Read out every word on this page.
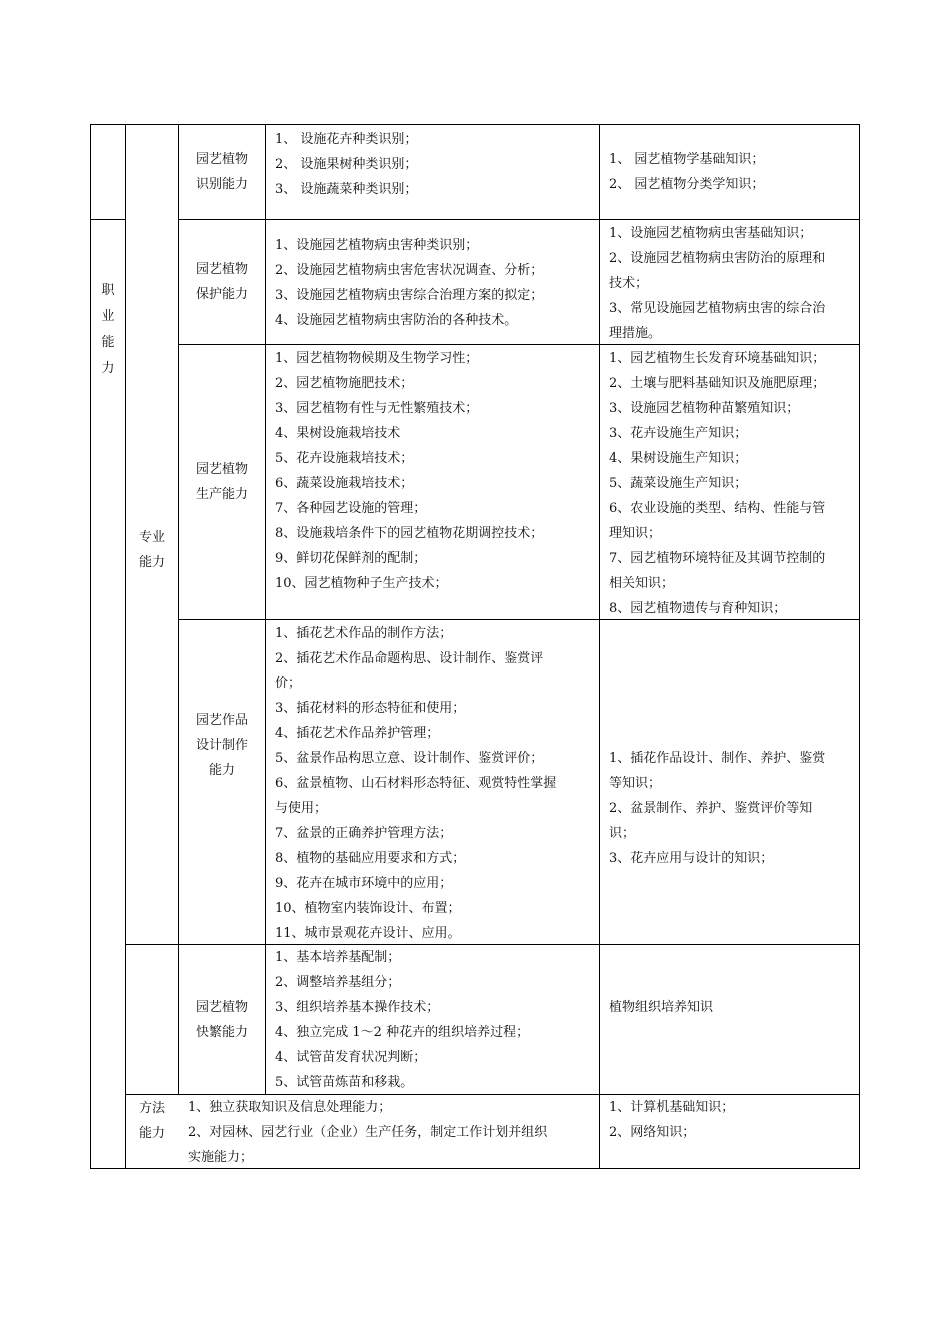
职
业
能
力
专业
能力
园艺植物
识别能力
1、 设施花卉种类识别；
2、 设施果树种类识别；
3、 设施蔬菜种类识别；
1、 园艺植物学基础知识；
2、 园艺植物分类学知识；
园艺植物
保护能力
1、设施园艺植物病虫害种类识别；
2、设施园艺植物病虫害危害状况调查、分析；
3、设施园艺植物病虫害综合治理方案的拟定；
4、设施园艺植物病虫害防治的各种技术。
1、设施园艺植物病虫害基础知识；
2、设施园艺植物病虫害防治的原理和
技术；
3、常见设施园艺植物病虫害的综合治
理措施。
园艺植物
生产能力
1、园艺植物物候期及生物学习性；
2、园艺植物施肥技术；
3、园艺植物有性与无性繁殖技术；
4、果树设施栽培技术
5、花卉设施栽培技术；
6、蔬菜设施栽培技术；
7、各种园艺设施的管理；
8、设施栽培条件下的园艺植物花期调控技术；
9、鲜切花保鲜剂的配制；
10、园艺植物种子生产技术；
1、园艺植物生长发育环境基础知识；
2、土壤与肥料基础知识及施肥原理；
3、设施园艺植物种苗繁殖知识；
3、花卉设施生产知识；
4、果树设施生产知识；
5、蔬菜设施生产知识；
6、农业设施的类型、结构、性能与管
理知识；
7、园艺植物环境特征及其调节控制的
相关知识；
8、园艺植物遗传与育种知识；
园艺作品
设计制作
能力
1、插花艺术作品的制作方法；
2、插花艺术作品命题构思、设计制作、鉴赏评
价；
3、插花材料的形态特征和使用；
4、插花艺术作品养护管理；
5、盆景作品构思立意、设计制作、鉴赏评价；
6、盆景植物、山石材料形态特征、观赏特性掌握
与使用；
7、盆景的正确养护管理方法；
8、植物的基础应用要求和方式；
9、花卉在城市环境中的应用；
10、植物室内装饰设计、布置；
11、城市景观花卉设计、应用。
1、插花作品设计、制作、养护、鉴赏
等知识；
2、盆景制作、养护、鉴赏评价等知
识；
3、花卉应用与设计的知识；
园艺植物
快繁能力
1、基本培养基配制；
2、调整培养基组分；
3、组织培养基本操作技术；
4、独立完成 1～2 种花卉的组织培养过程；
4、试管苗发育状况判断；
5、试管苗炼苗和移栽。
植物组织培养知识
方法
能力
1、独立获取知识及信息处理能力；
2、对园林、园艺行业（企业）生产任务，制定工作计划并组织
实施能力；
1、计算机基础知识；
2、网络知识；
